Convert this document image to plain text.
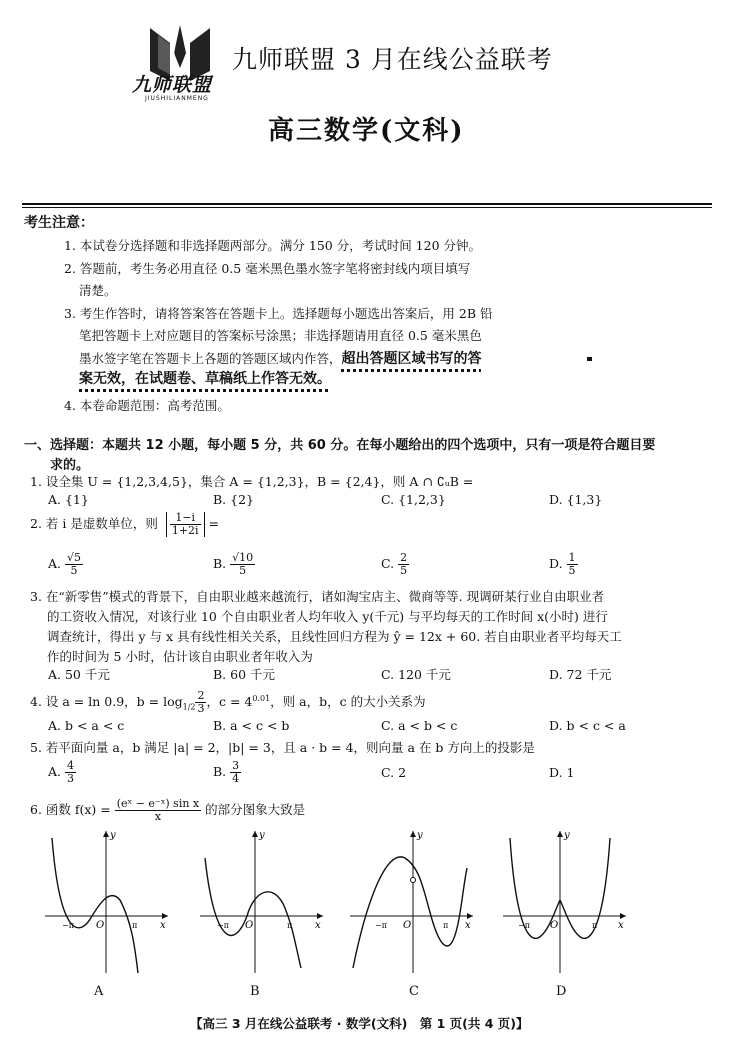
九师联盟
JIUSHILIANMENG
九师联盟 3 月在线公益联考
高三数学(文科)
考生注意：
1. 本试卷分选择题和非选择题两部分。满分 150 分，考试时间 120 分钟。
2. 答题前，考生务必用直径 0.5 毫米黑色墨水签字笔将密封线内项目填写
清楚。
3. 考生作答时，请将答案答在答题卡上。选择题每小题选出答案后，用 2B 铅
笔把答题卡上对应题目的答案标号涂黑；非选择题请用直径 0.5 毫米黑色
墨水签字笔在答题卡上各题的答题区域内作答，超出答题区域书写的答
案无效，在试题卷、草稿纸上作答无效。
4. 本卷命题范围：高考范围。
一、选择题：本题共 12 小题，每小题 5 分，共 60 分。在每小题给出的四个选项中，只有一项是符合题目要
求的。
1. 设全集 U = {1,2,3,4,5}，集合 A = {1,2,3}，B = {2,4}，则 A ∩ ∁ᵤB =
A. {1}	B. {2}	C. {1,2,3}	D. {1,3}
2. 若 i 是虚数单位，则 $\frac{1-i}{1+2i}$ =
A. $\frac{√5}{5}$	B. $\frac{√10}{5}$	C. $\frac{2}{5}$	D. $\frac{1}{5}$
3. 在“新零售”模式的背景下，自由职业越来越流行，诸如淘宝店主、微商等等. 现调研某行业自由职业者
的工资收入情况，对该行业 10 个自由职业者人均年收入 y(千元) 与平均每天的工作时间 x(小时) 进行
调查统计，得出 y 与 x 具有线性相关关系，且线性回归方程为 ŷ = 12x + 60. 若自由职业者平均每天工
作的时间为 5 小时，估计该自由职业者年收入为
A. 50 千元	B. 60 千元	C. 120 千元	D. 72 千元
4. 设 a = ln 0.9，$b = \log_{1/2} \frac{2}{3}$ ，$c = 4^{0.01}$，则 a，b，c 的大小关系为
A. b < a < c	B. a < c < b	C. a < b < c	D. b < c < a
5. 若平面向量 a，b 满足 |a| = 2，|b| = 3，且 a · b = 4，则向量 a 在 b 方向上的投影是
A. $\frac{4}{3}$	B. $\frac{3}{4}$	C. 2	D. 1
6. 函数 $f(x) = \frac{\text{(eˣ − e⁻ˣ) sin x}}{x}$ 的部分图象大致是
y
x
O
−π	π
y
x
O
−π	π
y
x
O
−π	π
y
x
O
−π	π
A	B	C	D
【高三 3 月在线公益联考 · 数学(文科)　第 1 页(共 4 页)】
